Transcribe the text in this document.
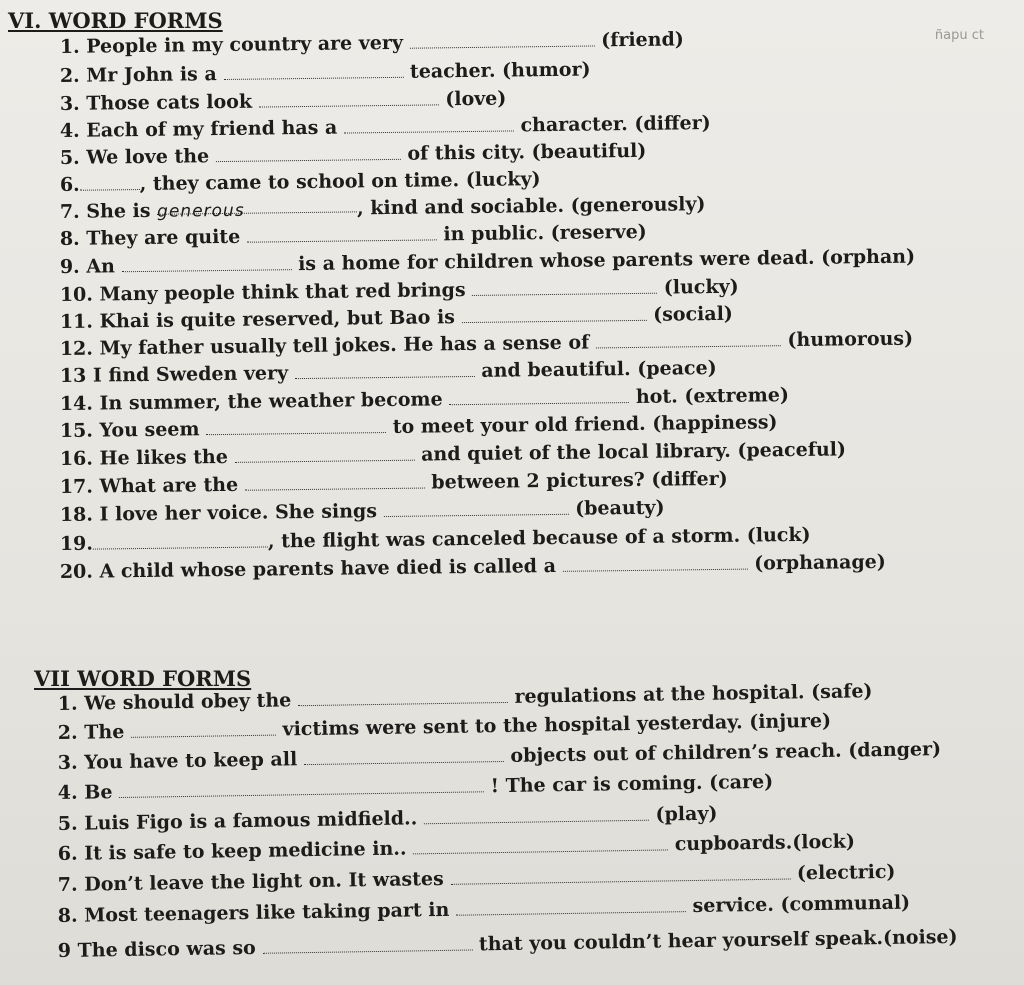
ñapu ct
VI. WORD FORMS
1. People in my country are very	(friend)
2. Mr John is a	teacher. (humor)
3. Those cats look	(love)
4. Each of my friend has a	character. (differ)
5. We love the	of this city. (beautiful)
6.	, they came to school on time. (lucky)
7. She is generous	, kind and sociable. (generously)
8. They are quite	in public. (reserve)
9. An	is a home for children whose parents were dead. (orphan)
10. Many people think that red brings	(lucky)
11. Khai is quite reserved, but Bao is	(social)
12. My father usually tell jokes. He has a sense of	(humorous)
13 I find Sweden very	and beautiful. (peace)
14. In summer, the weather become	hot. (extreme)
15. You seem	to meet your old friend. (happiness)
16. He likes the	and quiet of the local library. (peaceful)
17. What are the	between 2 pictures? (differ)
18. I love her voice. She sings	(beauty)
19.	, the flight was canceled because of a storm. (luck)
20. A child whose parents have died is called a	(orphanage)
VII WORD FORMS
1. We should obey the	regulations at the hospital. (safe)
2. The	victims were sent to the hospital yesterday. (injure)
3. You have to keep all	objects out of children’s reach. (danger)
4. Be	! The car is coming. (care)
5. Luis Figo is a famous midfield..	(play)
6. It is safe to keep medicine in..	cupboards.(lock)
7. Don’t leave the light on. It wastes	(electric)
8. Most teenagers like taking part in	service. (communal)
9 The disco was so	that you couldn’t hear yourself speak.(noise)
